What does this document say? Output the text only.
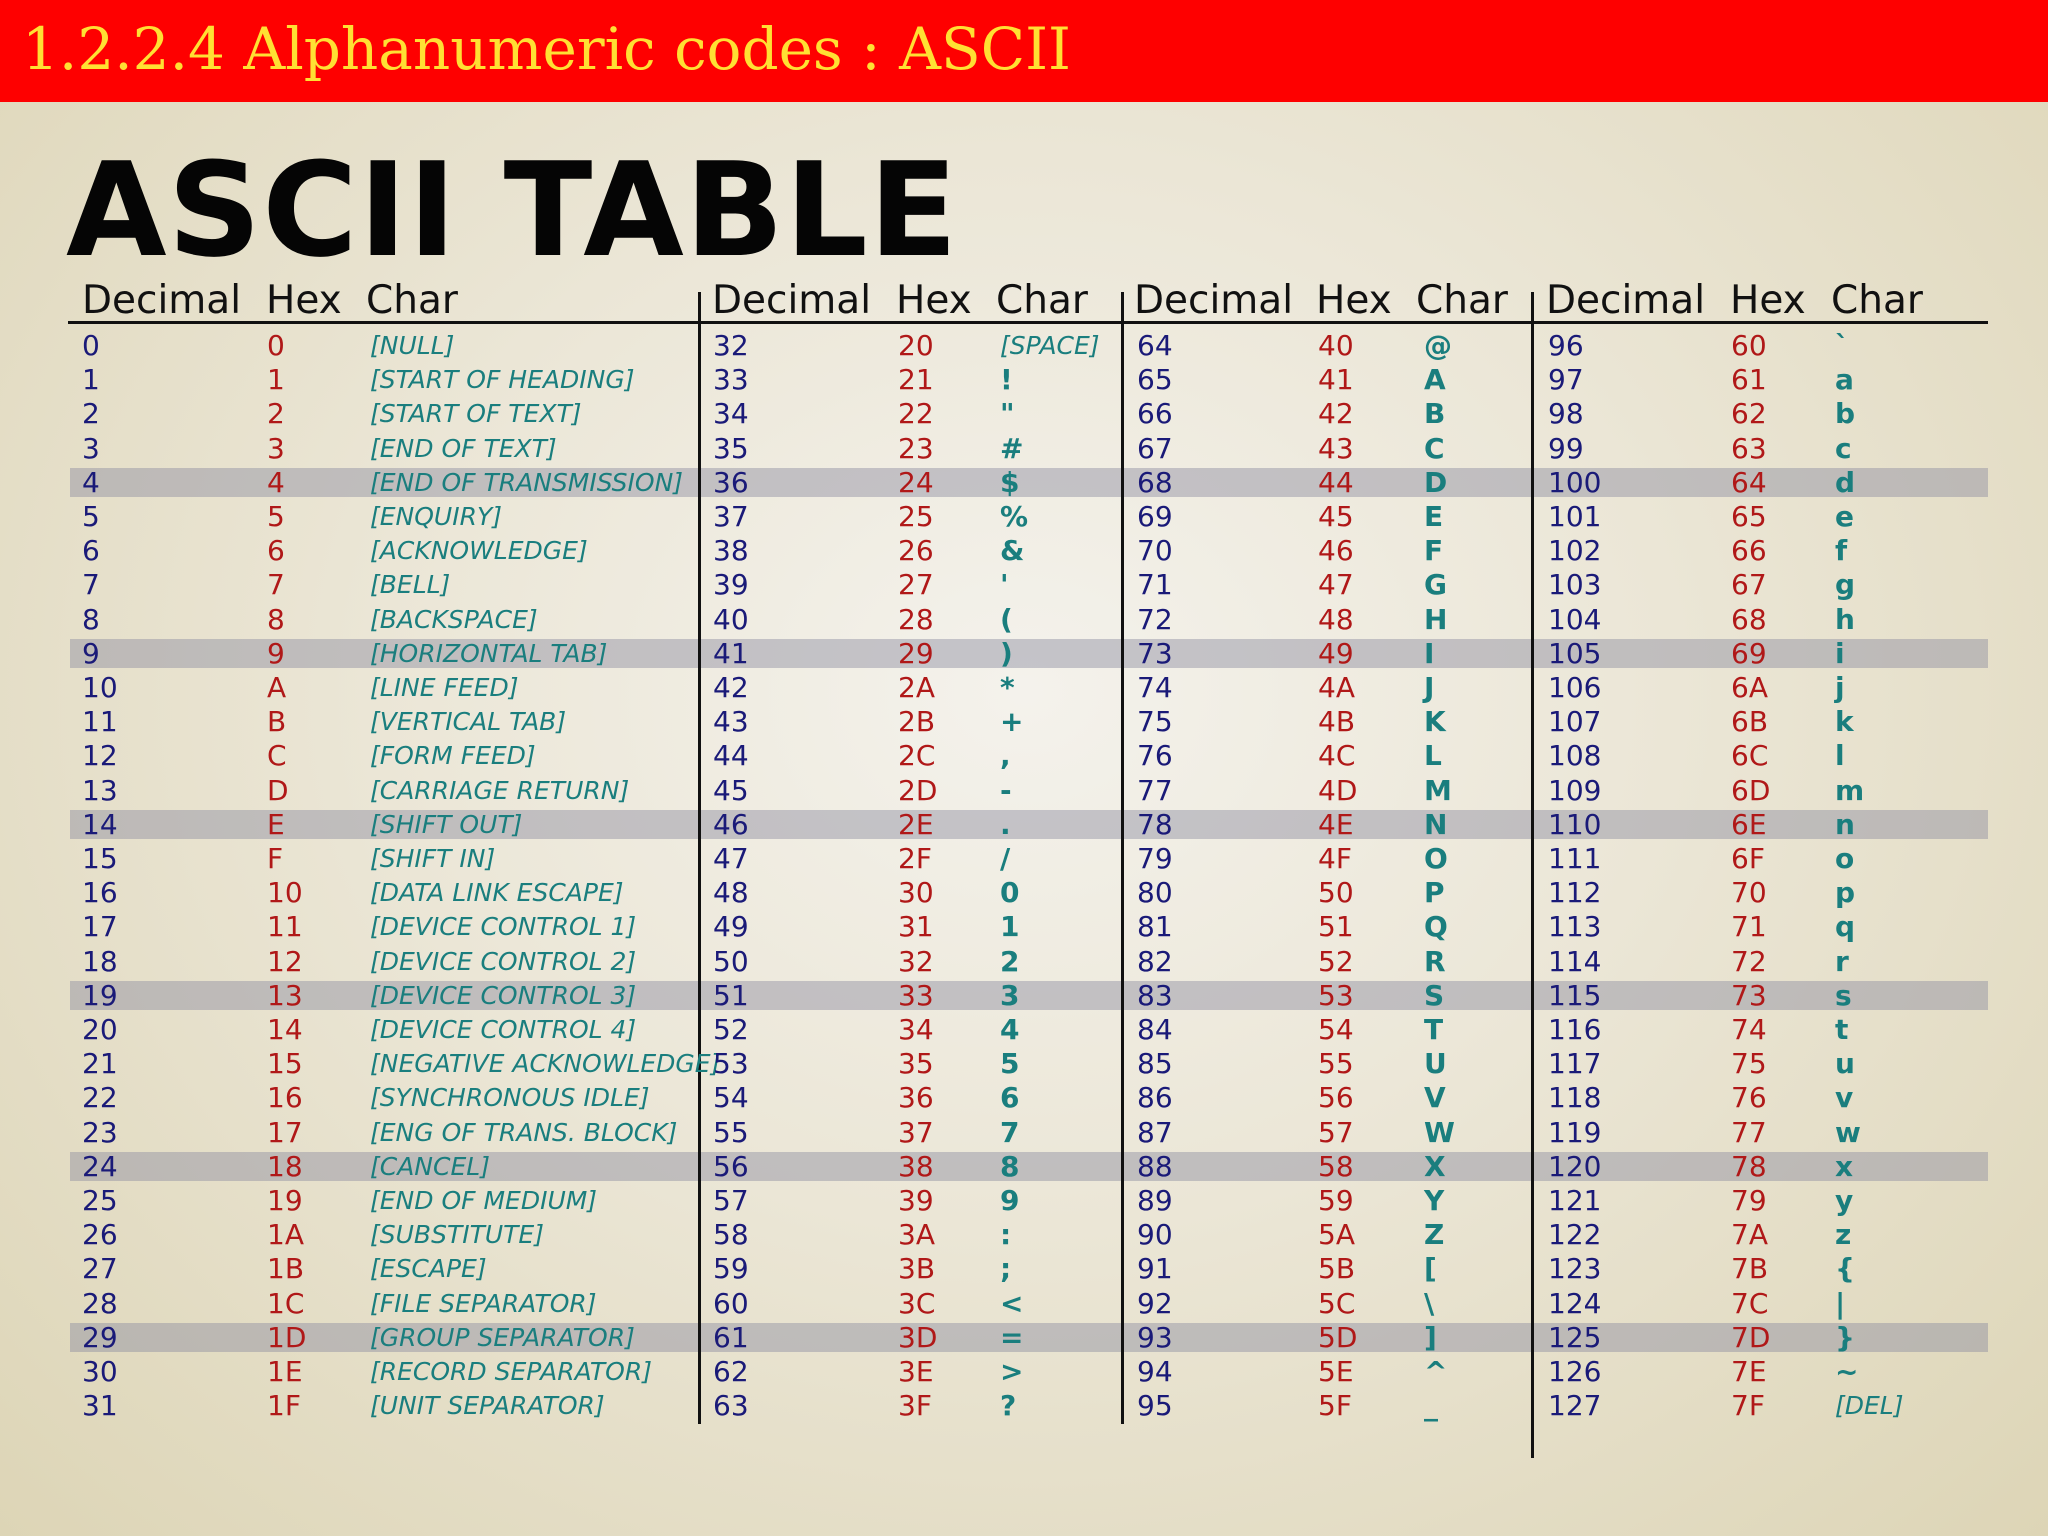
1.2.2.4 Alphanumeric codes : ASCII
ASCII TABLE
Decimal Hex Char
0	0	[NULL]
1	1	[START OF HEADING]
2	2	[START OF TEXT]
3	3	[END OF TEXT]
4	4	[END OF TRANSMISSION]
5	5	[ENQUIRY]
6	6	[ACKNOWLEDGE]
7	7	[BELL]
8	8	[BACKSPACE]
9	9	[HORIZONTAL TAB]
10	A	[LINE FEED]
11	B	[VERTICAL TAB]
12	C	[FORM FEED]
13	D	[CARRIAGE RETURN]
14	E	[SHIFT OUT]
15	F	[SHIFT IN]
16	10	[DATA LINK ESCAPE]
17	11	[DEVICE CONTROL 1]
18	12	[DEVICE CONTROL 2]
19	13	[DEVICE CONTROL 3]
20	14	[DEVICE CONTROL 4]
21	15	[NEGATIVE ACKNOWLEDGE]
22	16	[SYNCHRONOUS IDLE]
23	17	[ENG OF TRANS. BLOCK]
24	18	[CANCEL]
25	19	[END OF MEDIUM]
26	1A	[SUBSTITUTE]
27	1B	[ESCAPE]
28	1C	[FILE SEPARATOR]
29	1D	[GROUP SEPARATOR]
30	1E	[RECORD SEPARATOR]
31	1F	[UNIT SEPARATOR]
Decimal Hex Char
32	20	[SPACE]
33	21 !
34	22 "
35	23 #
36	24 $
37	25 %
38	26 &
39	27 '
40	28 (
41	29 )
42	2A *
43	2B +
44	2C ,
45	2D -
46	2E .
47	2F /
48	30 0
49	31 1
50	32 2
51	33 3
52	34 4
53	35 5
54	36 6
55	37 7
56	38 8
57	39 9
58	3A :
59	3B ;
60	3C <
61	3D =
62	3E >
63	3F ?
Decimal Hex Char
64	40	@
65	41	A
66	42	B
67	43	C
68	44	D
69	45	E
70	46	F
71	47	G
72	48	H
73	49	I
74	4A J
75	4B K
76	4C L
77	4D M
78	4E	N
79	4F	O
80	50	P
81	51	Q
82	52	R
83	53	S
84	54	T
85	55	U
86	56	V
87	57	W
88	58	X
89	59	Y
90	5A Z
91	5B [
92	5C \
93	5D ]
94	5E	^
95	5F	_
Decimal Hex Char
96	60 `
97	61 a
98	62 b
99	63 c
100	64 d
101	65 e
102	66 f
103	67 g
104	68 h
105	69 i
106	6A j
107	6B k
108	6C l
109	6D m
110	6E n
111	6F	o
112	70 p
113	71 q
114	72 r
115	73 s
116	74 t
117	75 u
118	76 v
119	77 w
120	78 x
121	79 y
122	7A z
123	7B {
124	7C |
125	7D }
126	7E ~
127	7F	[DEL]
